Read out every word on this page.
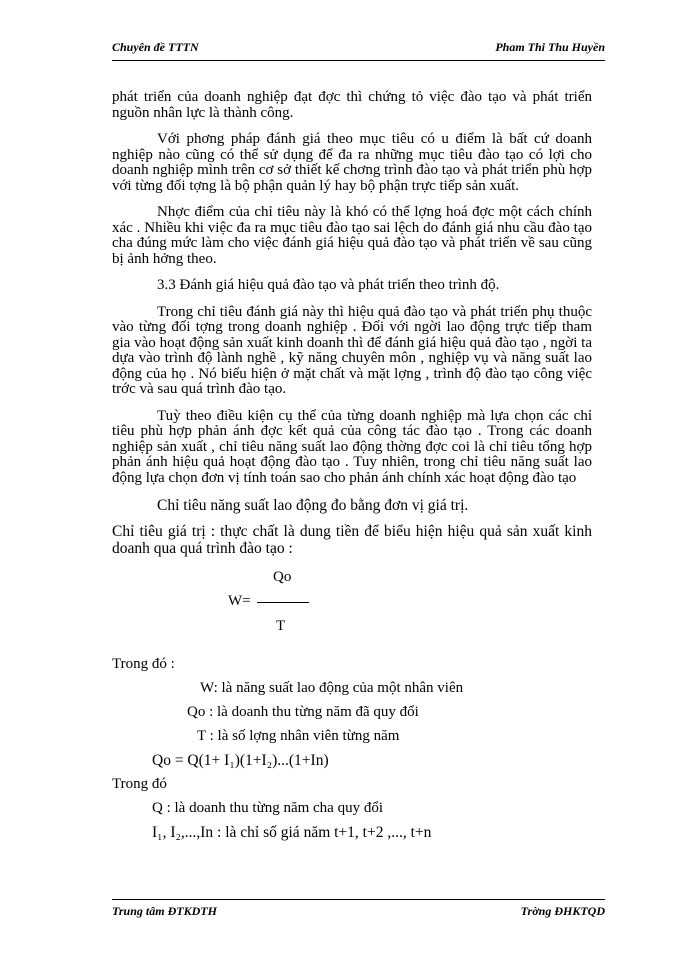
Chuyên đề TTTN	Pham Thi Thu Huyền

phát triển của doanh nghiệp đạt đợc thì chứng tỏ việc đào tạo và phát triển nguồn nhân lực là thành công.

Với phơng pháp đánh giá theo mục tiêu có u điểm là bất cứ doanh nghiệp nào cũng có thể sử dụng để đa ra những mục tiêu đào tạo có lợi cho doanh nghiệp mình trên cơ sở thiết kế chơng trình đào tạo và phát triển phù hợp với từng đối tợng là bộ phận quản lý hay bộ phận trực tiếp sản xuất.

Nhợc điểm của chỉ tiêu này là khó có thể lợng hoá đợc một cách chính xác . Nhiều khi việc đa ra mục tiêu đào tạo sai lệch do đánh giá nhu cầu đào tạo cha đúng mức làm cho việc đánh giá hiệu quả đào tạo và phát triển về sau cũng bị ảnh hởng theo.

3.3 Đánh giá hiệu quả đào tạo và phát triển theo trình độ.

Trong chỉ tiêu đánh giá này thì hiệu quả đào tạo và phát triển phụ thuộc vào từng đối tợng trong doanh nghiệp . Đối với ngời lao động trực tiếp tham gia vào hoạt động sản xuất kinh doanh thì để đánh giá hiệu quả đào tạo , ngời ta dựa vào trình độ lành nghề , kỹ năng chuyên môn , nghiệp vụ và năng suất lao động của họ . Nó biểu hiện ở mặt chất và mặt lợng , trình độ đào tạo công việc trớc và sau quá trình đào tạo.

Tuỳ theo điều kiện cụ thể của từng doanh nghiệp mà lựa chọn các chỉ tiêu phù hợp phản ánh đợc kết quả của công tác đào tạo . Trong các doanh nghiệp sản xuất , chỉ tiêu năng suất lao động thờng đợc coi là chỉ tiêu tổng hợp phản ánh hiệu quả hoạt động đào tạo . Tuy nhiên, trong chỉ tiêu năng suất lao động lựa chọn đơn vị tính toán sao cho phản ánh chính xác hoạt động đào tạo

Chỉ tiêu năng suất lao động đo bằng đơn vị giá trị.

Chỉ tiêu giá trị : thực chất là dung tiền để biểu hiện hiệu quả sản xuất kinh doanh qua quá trình đào tạo :

W=
Qo
T
Trong đó :
W: là năng suất lao động của một nhân viên
Qo : là doanh thu từng năm đã quy đổi
T : là số lợng nhân viên từng năm
Qo = Q(1+ I₁)(1+I₂)...(1+In)
Trong đó
Q : là doanh thu từng năm cha quy đổi
I₁, I₂,...,In : là chỉ số giá năm t+1, t+2 ,..., t+n
Trung tâm ĐTKDTH	Trờng ĐHKTQD
